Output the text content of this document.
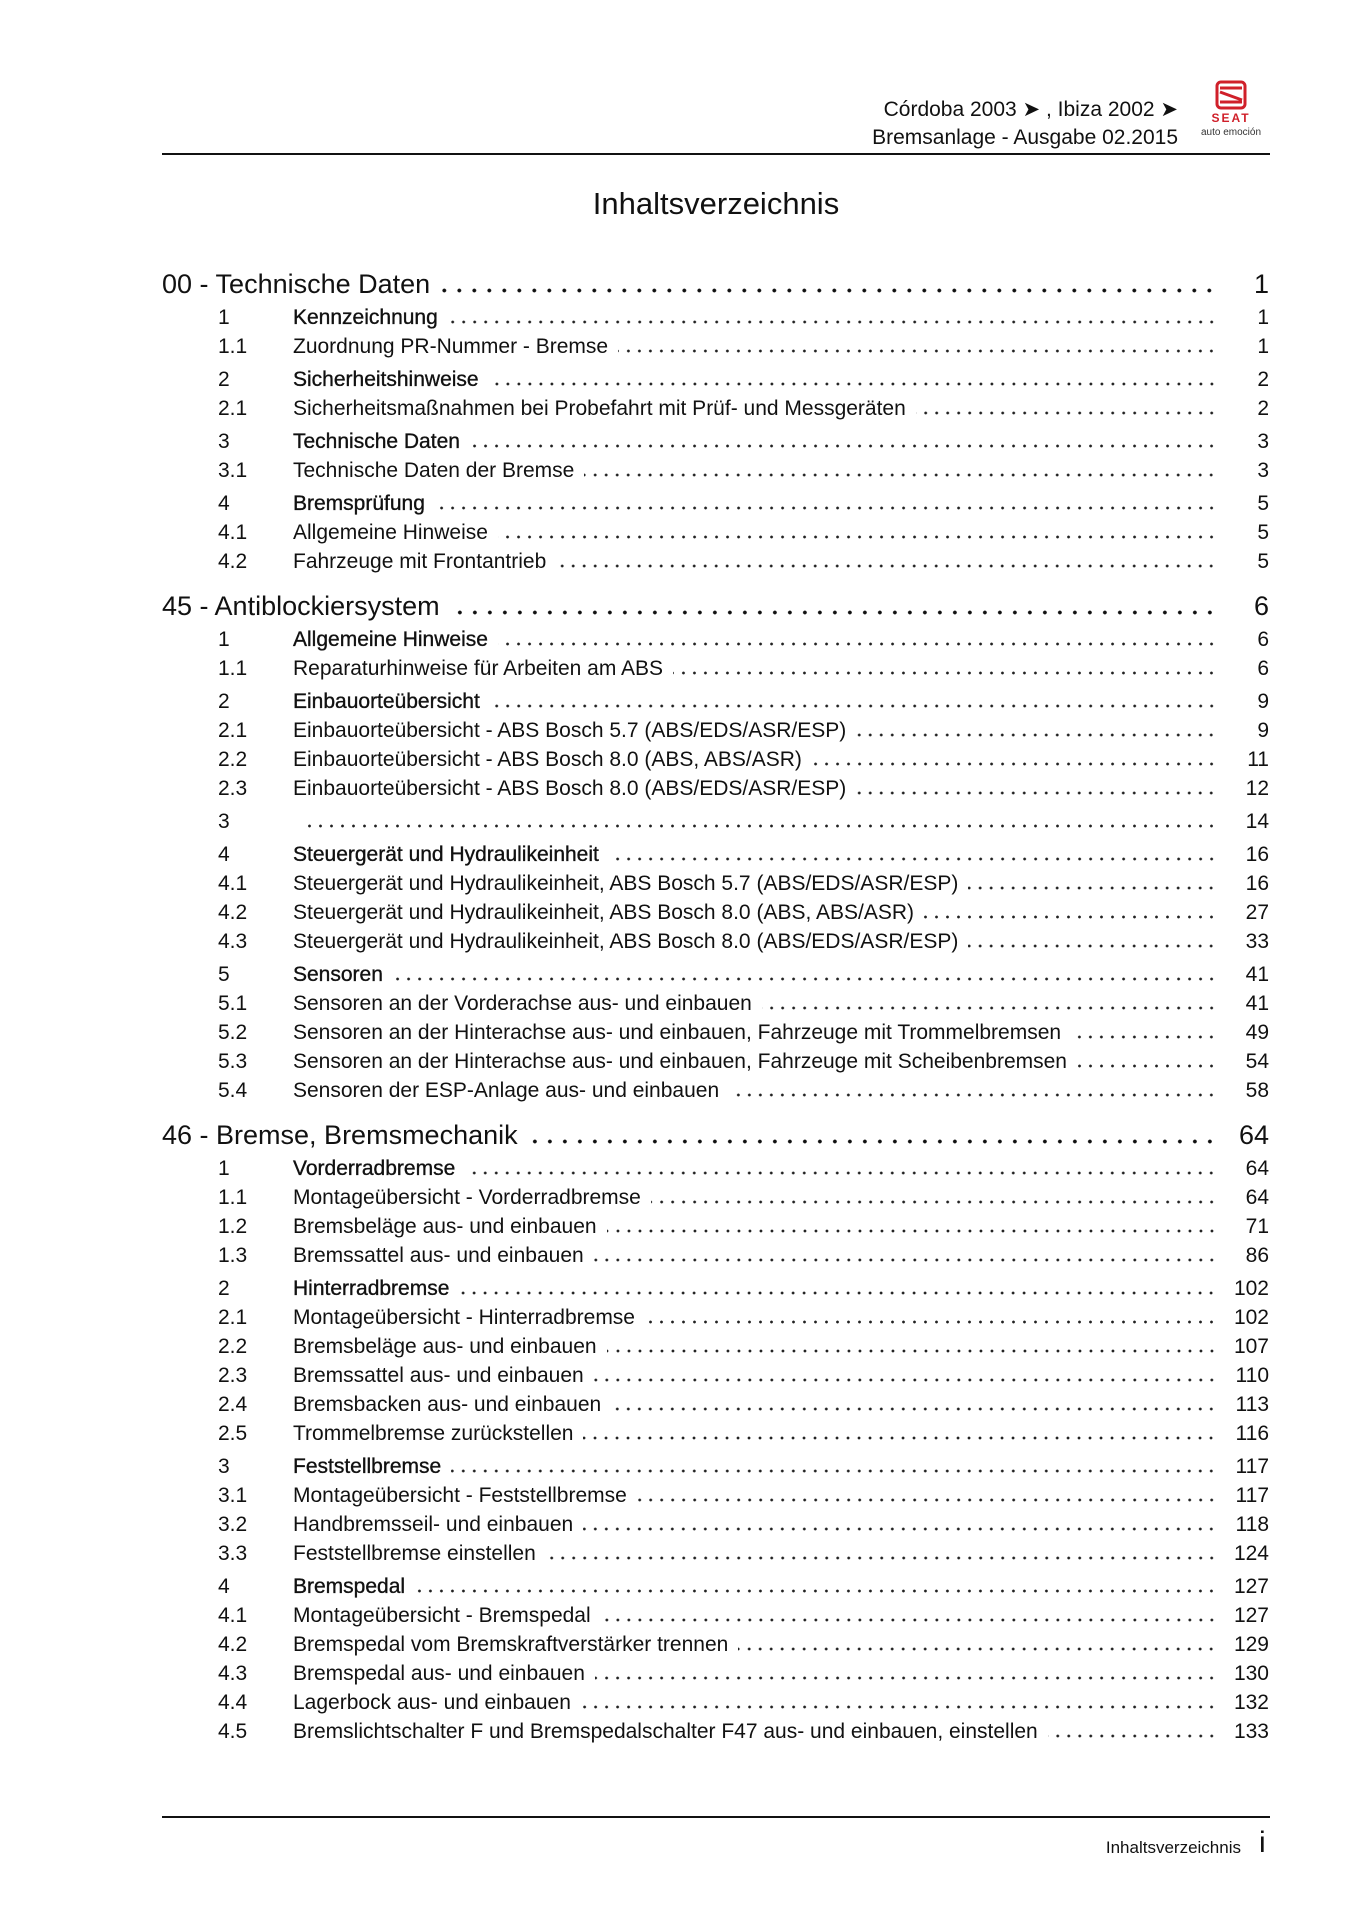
Córdoba 2003 ➤ , Ibiza 2002 ➤
Bremsanlage - Ausgabe 02.2015
SEAT
auto emoción
Inhaltsverzeichnis
00 - Technische Daten	1
1	Kennzeichnung	1
1.1	Zuordnung PR-Nummer - Bremse	1
2	Sicherheitshinweise	2
2.1	Sicherheitsmaßnahmen bei Probefahrt mit Prüf- und Messgeräten	2
3	Technische Daten	3
3.1	Technische Daten der Bremse	3
4	Bremsprüfung	5
4.1	Allgemeine Hinweise	5
4.2	Fahrzeuge mit Frontantrieb	5
45 - Antiblockiersystem	6
1	Allgemeine Hinweise	6
1.1	Reparaturhinweise für Arbeiten am ABS	6
2	Einbauorteübersicht	9
2.1	Einbauorteübersicht - ABS Bosch 5.7 (ABS/EDS/ASR/ESP)	9
2.2	Einbauorteübersicht - ABS Bosch 8.0 (ABS, ABS/ASR)	11
2.3	Einbauorteübersicht - ABS Bosch 8.0 (ABS/EDS/ASR/ESP)	12
3	14
4	Steuergerät und Hydraulikeinheit	16
4.1	Steuergerät und Hydraulikeinheit, ABS Bosch 5.7 (ABS/EDS/ASR/ESP)	16
4.2	Steuergerät und Hydraulikeinheit, ABS Bosch 8.0 (ABS, ABS/ASR)	27
4.3	Steuergerät und Hydraulikeinheit, ABS Bosch 8.0 (ABS/EDS/ASR/ESP)	33
5	Sensoren	41
5.1	Sensoren an der Vorderachse aus- und einbauen	41
5.2	Sensoren an der Hinterachse aus- und einbauen, Fahrzeuge mit Trommelbremsen	49
5.3	Sensoren an der Hinterachse aus- und einbauen, Fahrzeuge mit Scheibenbremsen	54
5.4	Sensoren der ESP-Anlage aus- und einbauen	58
46 - Bremse, Bremsmechanik	64
1	Vorderradbremse	64
1.1	Montageübersicht - Vorderradbremse	64
1.2	Bremsbeläge aus- und einbauen	71
1.3	Bremssattel aus- und einbauen	86
2	Hinterradbremse	102
2.1	Montageübersicht - Hinterradbremse	102
2.2	Bremsbeläge aus- und einbauen	107
2.3	Bremssattel aus- und einbauen	110
2.4	Bremsbacken aus- und einbauen	113
2.5	Trommelbremse zurückstellen	116
3	Feststellbremse	117
3.1	Montageübersicht - Feststellbremse	117
3.2	Handbremsseil- und einbauen	118
3.3	Feststellbremse einstellen	124
4	Bremspedal	127
4.1	Montageübersicht - Bremspedal	127
4.2	Bremspedal vom Bremskraftverstärker trennen	129
4.3	Bremspedal aus- und einbauen	130
4.4	Lagerbock aus- und einbauen	132
4.5	Bremslichtschalter F und Bremspedalschalter F47 aus- und einbauen, einstellen	133
Inhaltsverzeichnis i
